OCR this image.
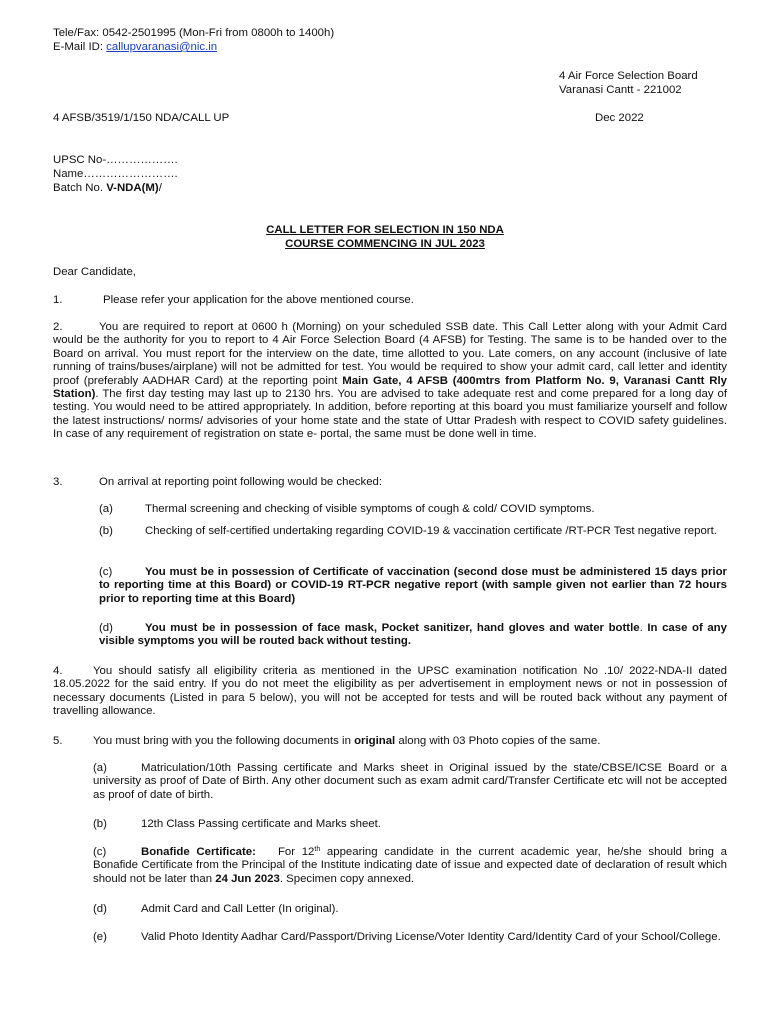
Tele/Fax: 0542-2501995 (Mon-Fri from 0800h to 1400h)
E-Mail ID: callupvaranasi@nic.in
4 Air Force Selection Board
Varanasi Cantt - 221002
4 AFSB/3519/1/150 NDA/CALL UP	Dec 2022
UPSC No-……………….
Name…………………….
Batch No. V-NDA(M)/
CALL LETTER FOR SELECTION IN 150 NDA
COURSE COMMENCING IN JUL 2023
Dear Candidate,
1.	Please refer your application for the above mentioned course.
2.	You are required to report at 0600 h (Morning) on your scheduled SSB date. This Call Letter along with your Admit Card would be the authority for you to report to 4 Air Force Selection Board (4 AFSB) for Testing. The same is to be handed over to the Board on arrival. You must report for the interview on the date, time allotted to you. Late comers, on any account (inclusive of late running of trains/buses/airplane) will not be admitted for test. You would be required to show your admit card, call letter and identity proof (preferably AADHAR Card) at the reporting point Main Gate, 4 AFSB (400mtrs from Platform No. 9, Varanasi Cantt Rly Station). The first day testing may last up to 2130 hrs. You are advised to take adequate rest and come prepared for a long day of testing. You would need to be attired appropriately. In addition, before reporting at this board you must familiarize yourself and follow the latest instructions/ norms/ advisories of your home state and the state of Uttar Pradesh with respect to COVID safety guidelines. In case of any requirement of registration on state e- portal, the same must be done well in time.
3.	On arrival at reporting point following would be checked:
(a)	Thermal screening and checking of visible symptoms of cough & cold/ COVID symptoms.
(b)	Checking of self-certified undertaking regarding COVID-19 & vaccination certificate /RT-PCR Test negative report.
(c)	You must be in possession of Certificate of vaccination (second dose must be administered 15 days prior to reporting time at this Board) or COVID-19 RT-PCR negative report (with sample given not earlier than 72 hours prior to reporting time at this Board)
(d)	You must be in possession of face mask, Pocket sanitizer, hand gloves and water bottle. In case of any visible symptoms you will be routed back without testing.
4.	You should satisfy all eligibility criteria as mentioned in the UPSC examination notification No .10/ 2022-NDA-II dated 18.05.2022 for the said entry. If you do not meet the eligibility as per advertisement in employment news or not in possession of necessary documents (Listed in para 5 below), you will not be accepted for tests and will be routed back without any payment of travelling allowance.
5.	You must bring with you the following documents in original along with 03 Photo copies of the same.
(a)	Matriculation/10th Passing certificate and Marks sheet in Original issued by the state/CBSE/ICSE Board or a university as proof of Date of Birth. Any other document such as exam admit card/Transfer Certificate etc will not be accepted as proof of date of birth.
(b)	12th Class Passing certificate and Marks sheet.
(c)	Bonafide Certificate: For 12th appearing candidate in the current academic year, he/she should bring a Bonafide Certificate from the Principal of the Institute indicating date of issue and expected date of declaration of result which should not be later than 24 Jun 2023. Specimen copy annexed.
(d)	Admit Card and Call Letter (In original).
(e)	Valid Photo Identity Aadhar Card/Passport/Driving License/Voter Identity Card/Identity Card of your School/College.
